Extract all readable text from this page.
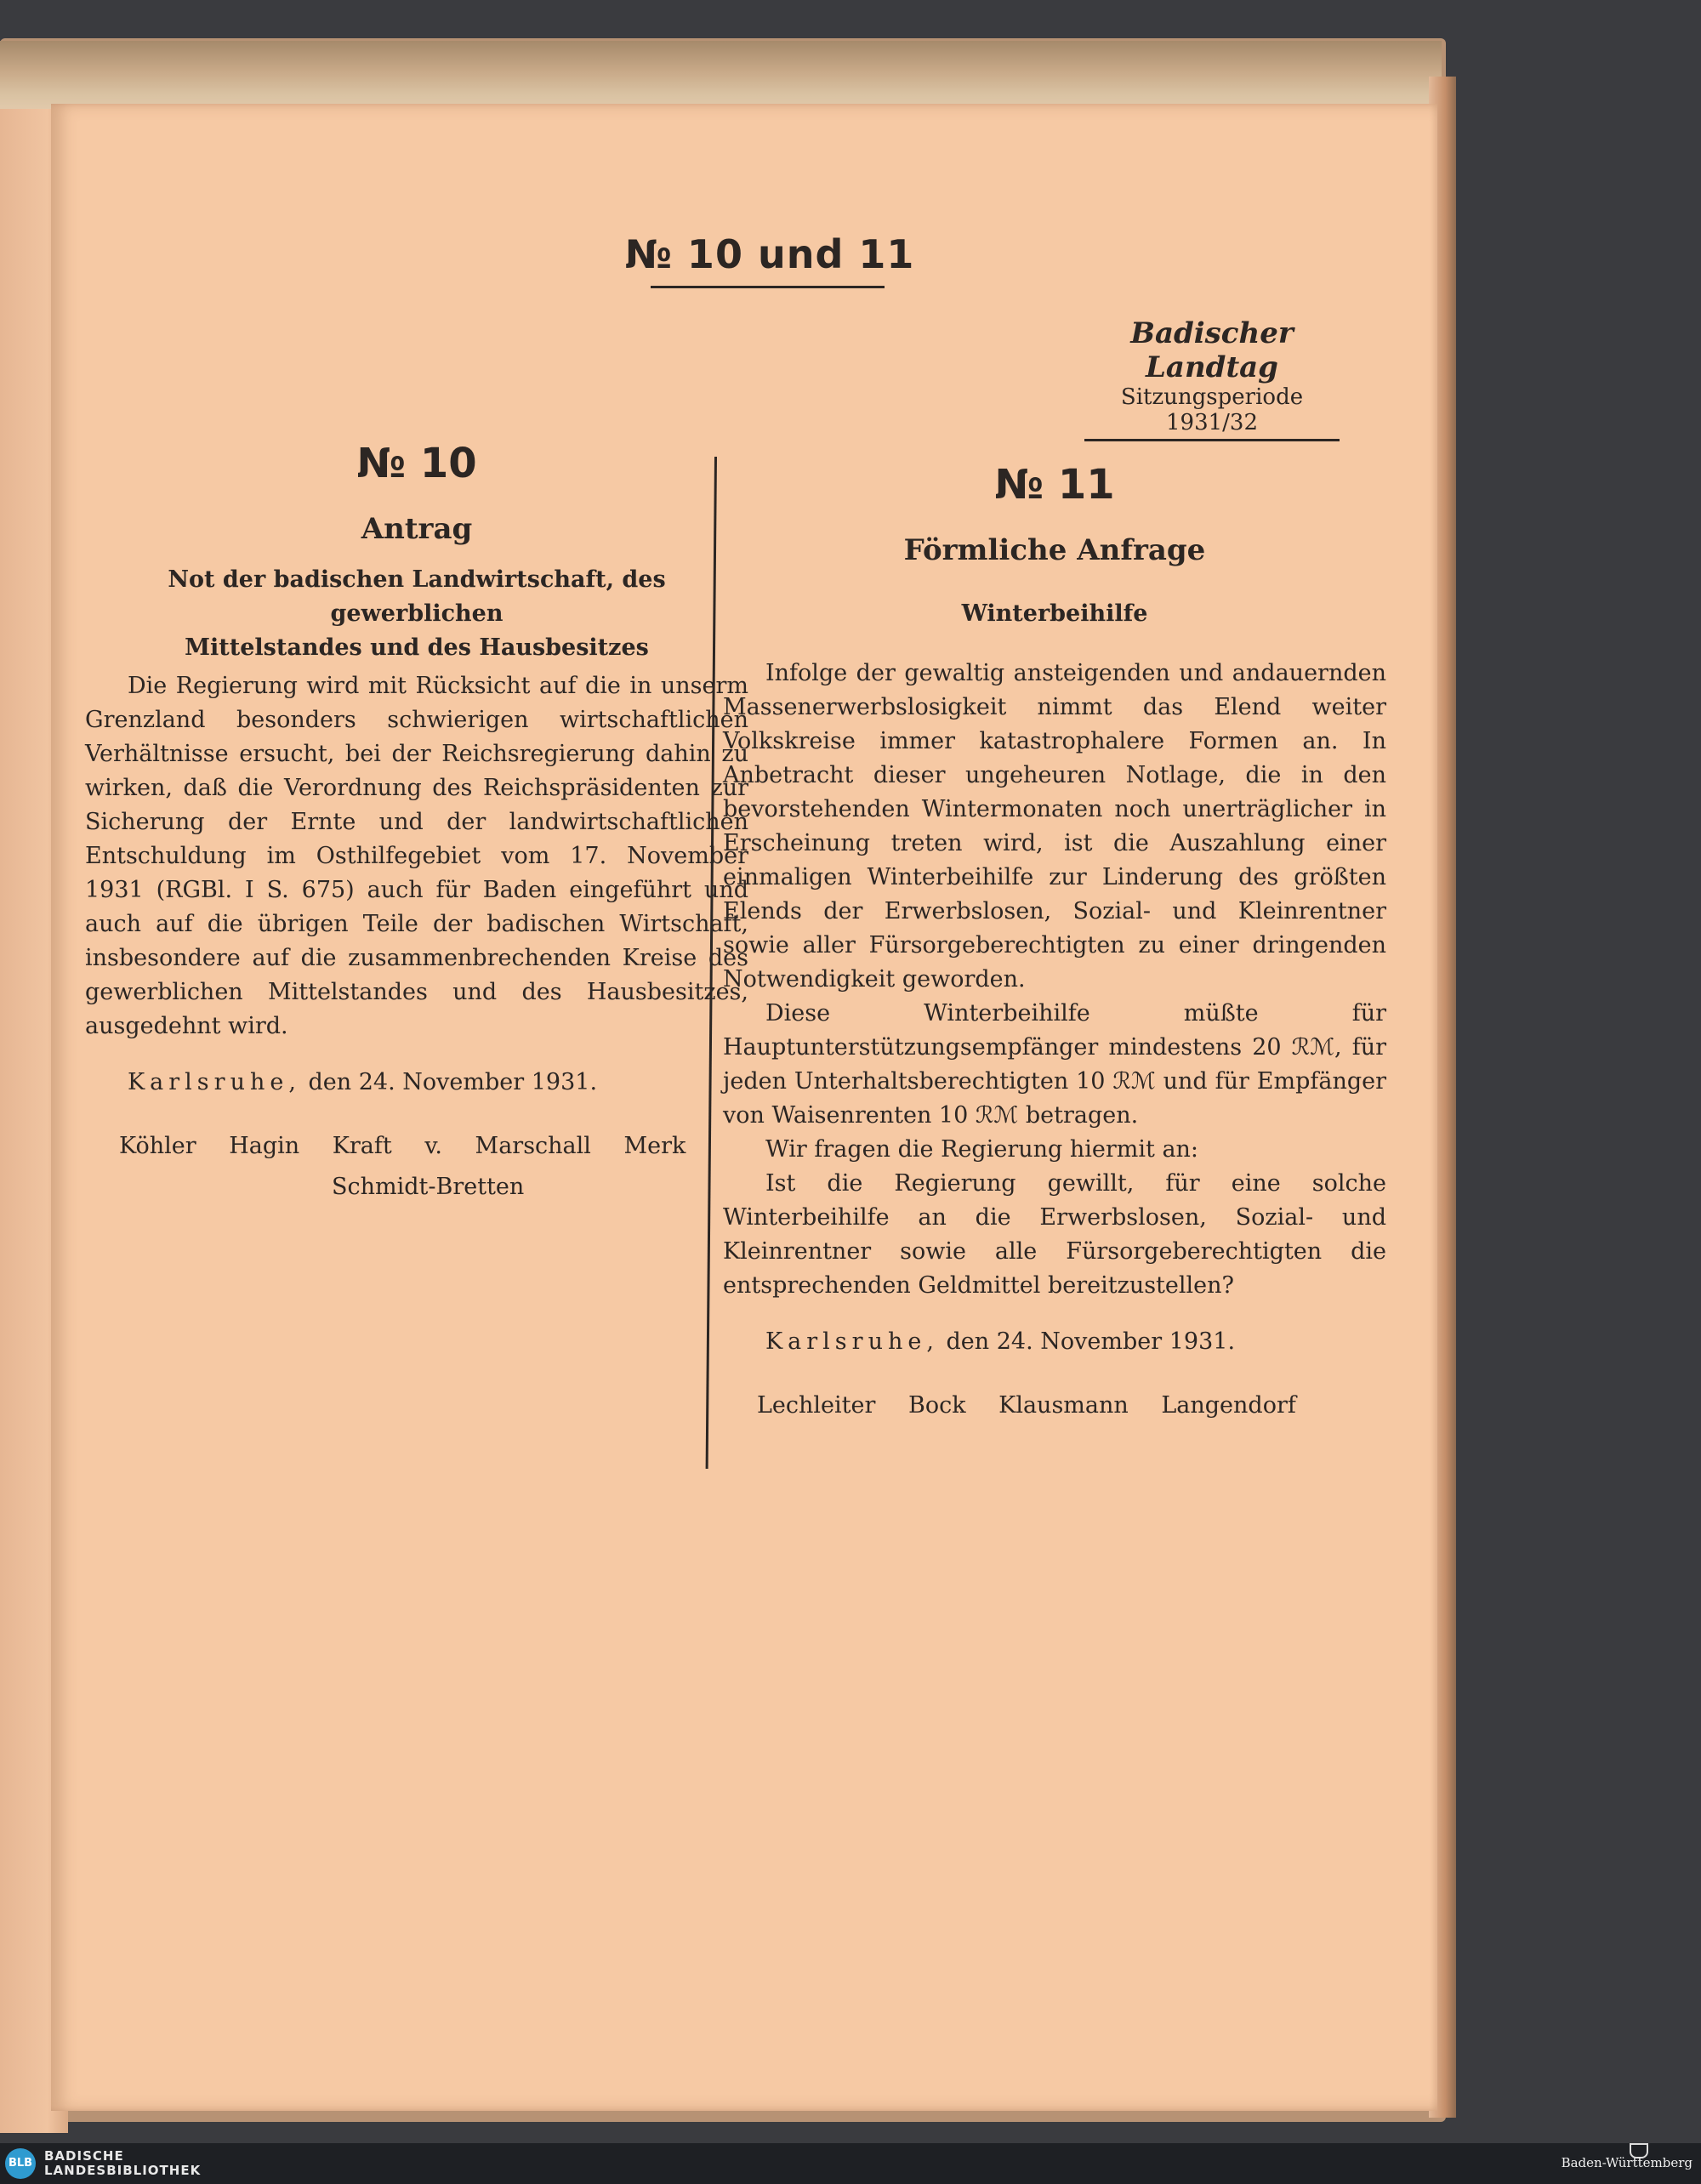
№ 10 und 11
Badischer Landtag
Sitzungsperiode
1931/32
№ 10
Antrag
Not der badischen Landwirtschaft, des gewerblichen
Mittelstandes und des Hausbesitzes

Die Regierung wird mit Rücksicht auf die in unserm Grenzland besonders schwierigen wirtschaftlichen Verhältnisse ersucht, bei der Reichsregierung dahin zu wirken, daß die Verordnung des Reichspräsidenten zur Sicherung der Ernte und der landwirtschaftlichen Entschuldung im Osthilfegebiet vom 17. November 1931 (RGBl. I S. 675) auch für Baden eingeführt und auch auf die übrigen Teile der badischen Wirtschaft, insbesondere auf die zusammenbrechenden Kreise des gewerblichen Mittelstandes und des Hausbesitzes, ausgedehnt wird.

Karlsruhe, den 24. November 1931.
Köhler Hagin Kraft v. Marschall Merk
Schmidt-Bretten
№ 11
Förmliche Anfrage
Winterbeihilfe

Infolge der gewaltig ansteigenden und andauernden Massenerwerbslosigkeit nimmt das Elend weiter Volkskreise immer katastrophalere Formen an. In Anbetracht dieser ungeheuren Notlage, die in den bevorstehenden Wintermonaten noch unerträglicher in Erscheinung treten wird, ist die Auszahlung einer einmaligen Winterbeihilfe zur Linderung des größten Elends der Erwerbslosen, Sozial- und Kleinrentner sowie aller Fürsorgeberechtigten zu einer dringenden Notwendigkeit geworden.

Diese Winterbeihilfe müßte für Hauptunterstützungsempfänger mindestens 20 ℛℳ, für jeden Unterhaltsberechtigten 10 ℛℳ und für Empfänger von Waisenrenten 10 ℛℳ betragen.

Wir fragen die Regierung hiermit an:

Ist die Regierung gewillt, für eine solche Winterbeihilfe an die Erwerbslosen, Sozial- und Kleinrentner sowie alle Fürsorgeberechtigten die entsprechenden Geldmittel bereitzustellen?

Karlsruhe, den 24. November 1931.
Lechleiter Bock Klausmann Langendorf
BLB BADISCHE
LANDESBIBLIOTHEK	Baden-Württemberg
